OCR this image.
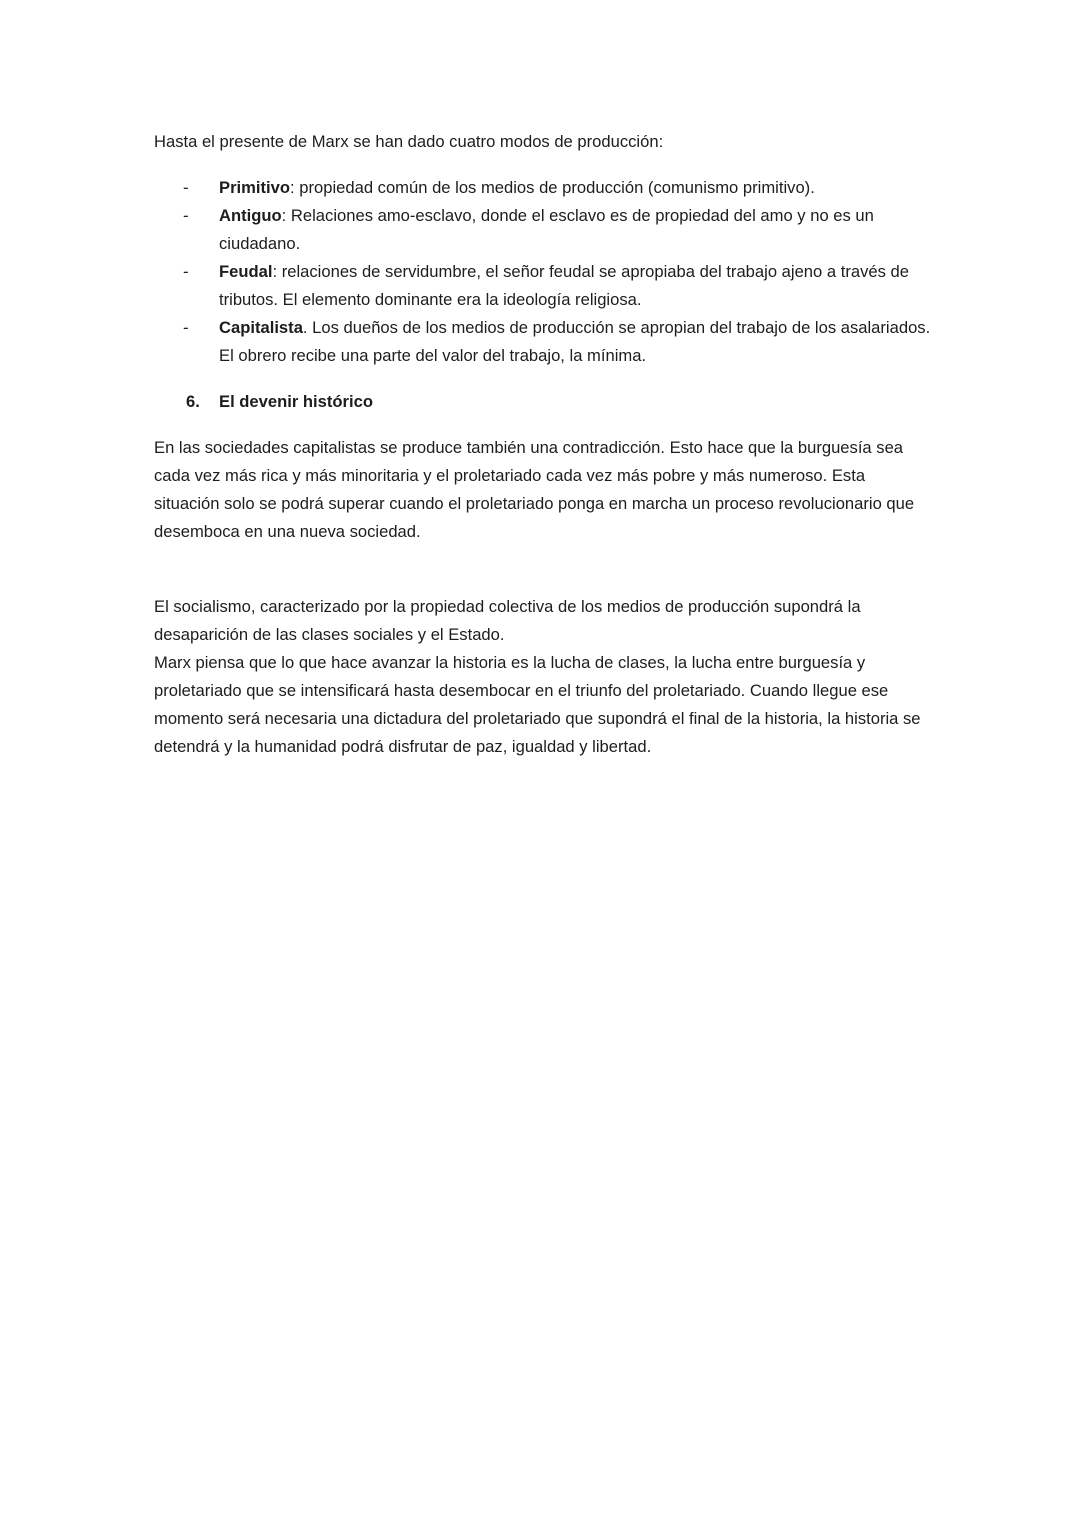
Hasta el presente de Marx se han dado cuatro modos de producción:

- Primitivo: propiedad común de los medios de producción (comunismo primitivo).
- Antiguo: Relaciones amo-esclavo, donde el esclavo es de propiedad del amo y no es un ciudadano.
- Feudal: relaciones de servidumbre, el señor feudal se apropiaba del trabajo ajeno a través de tributos. El elemento dominante era la ideología religiosa.
- Capitalista. Los dueños de los medios de producción se apropian del trabajo de los asalariados. El obrero recibe una parte del valor del trabajo, la mínima.

6. El devenir histórico

En las sociedades capitalistas se produce también una contradicción. Esto hace que la burguesía sea cada vez más rica y más minoritaria y el proletariado cada vez más pobre y más numeroso. Esta situación solo se podrá superar cuando el proletariado ponga en marcha un proceso revolucionario que desemboca en una nueva sociedad.

El socialismo, caracterizado por la propiedad colectiva de los medios de producción supondrá la desaparición de las clases sociales y el Estado.

Marx piensa que lo que hace avanzar la historia es la lucha de clases, la lucha entre burguesía y proletariado que se intensificará hasta desembocar en el triunfo del proletariado. Cuando llegue ese momento será necesaria una dictadura del proletariado que supondrá el final de la historia, la historia se detendrá y la humanidad podrá disfrutar de paz, igualdad y libertad.
